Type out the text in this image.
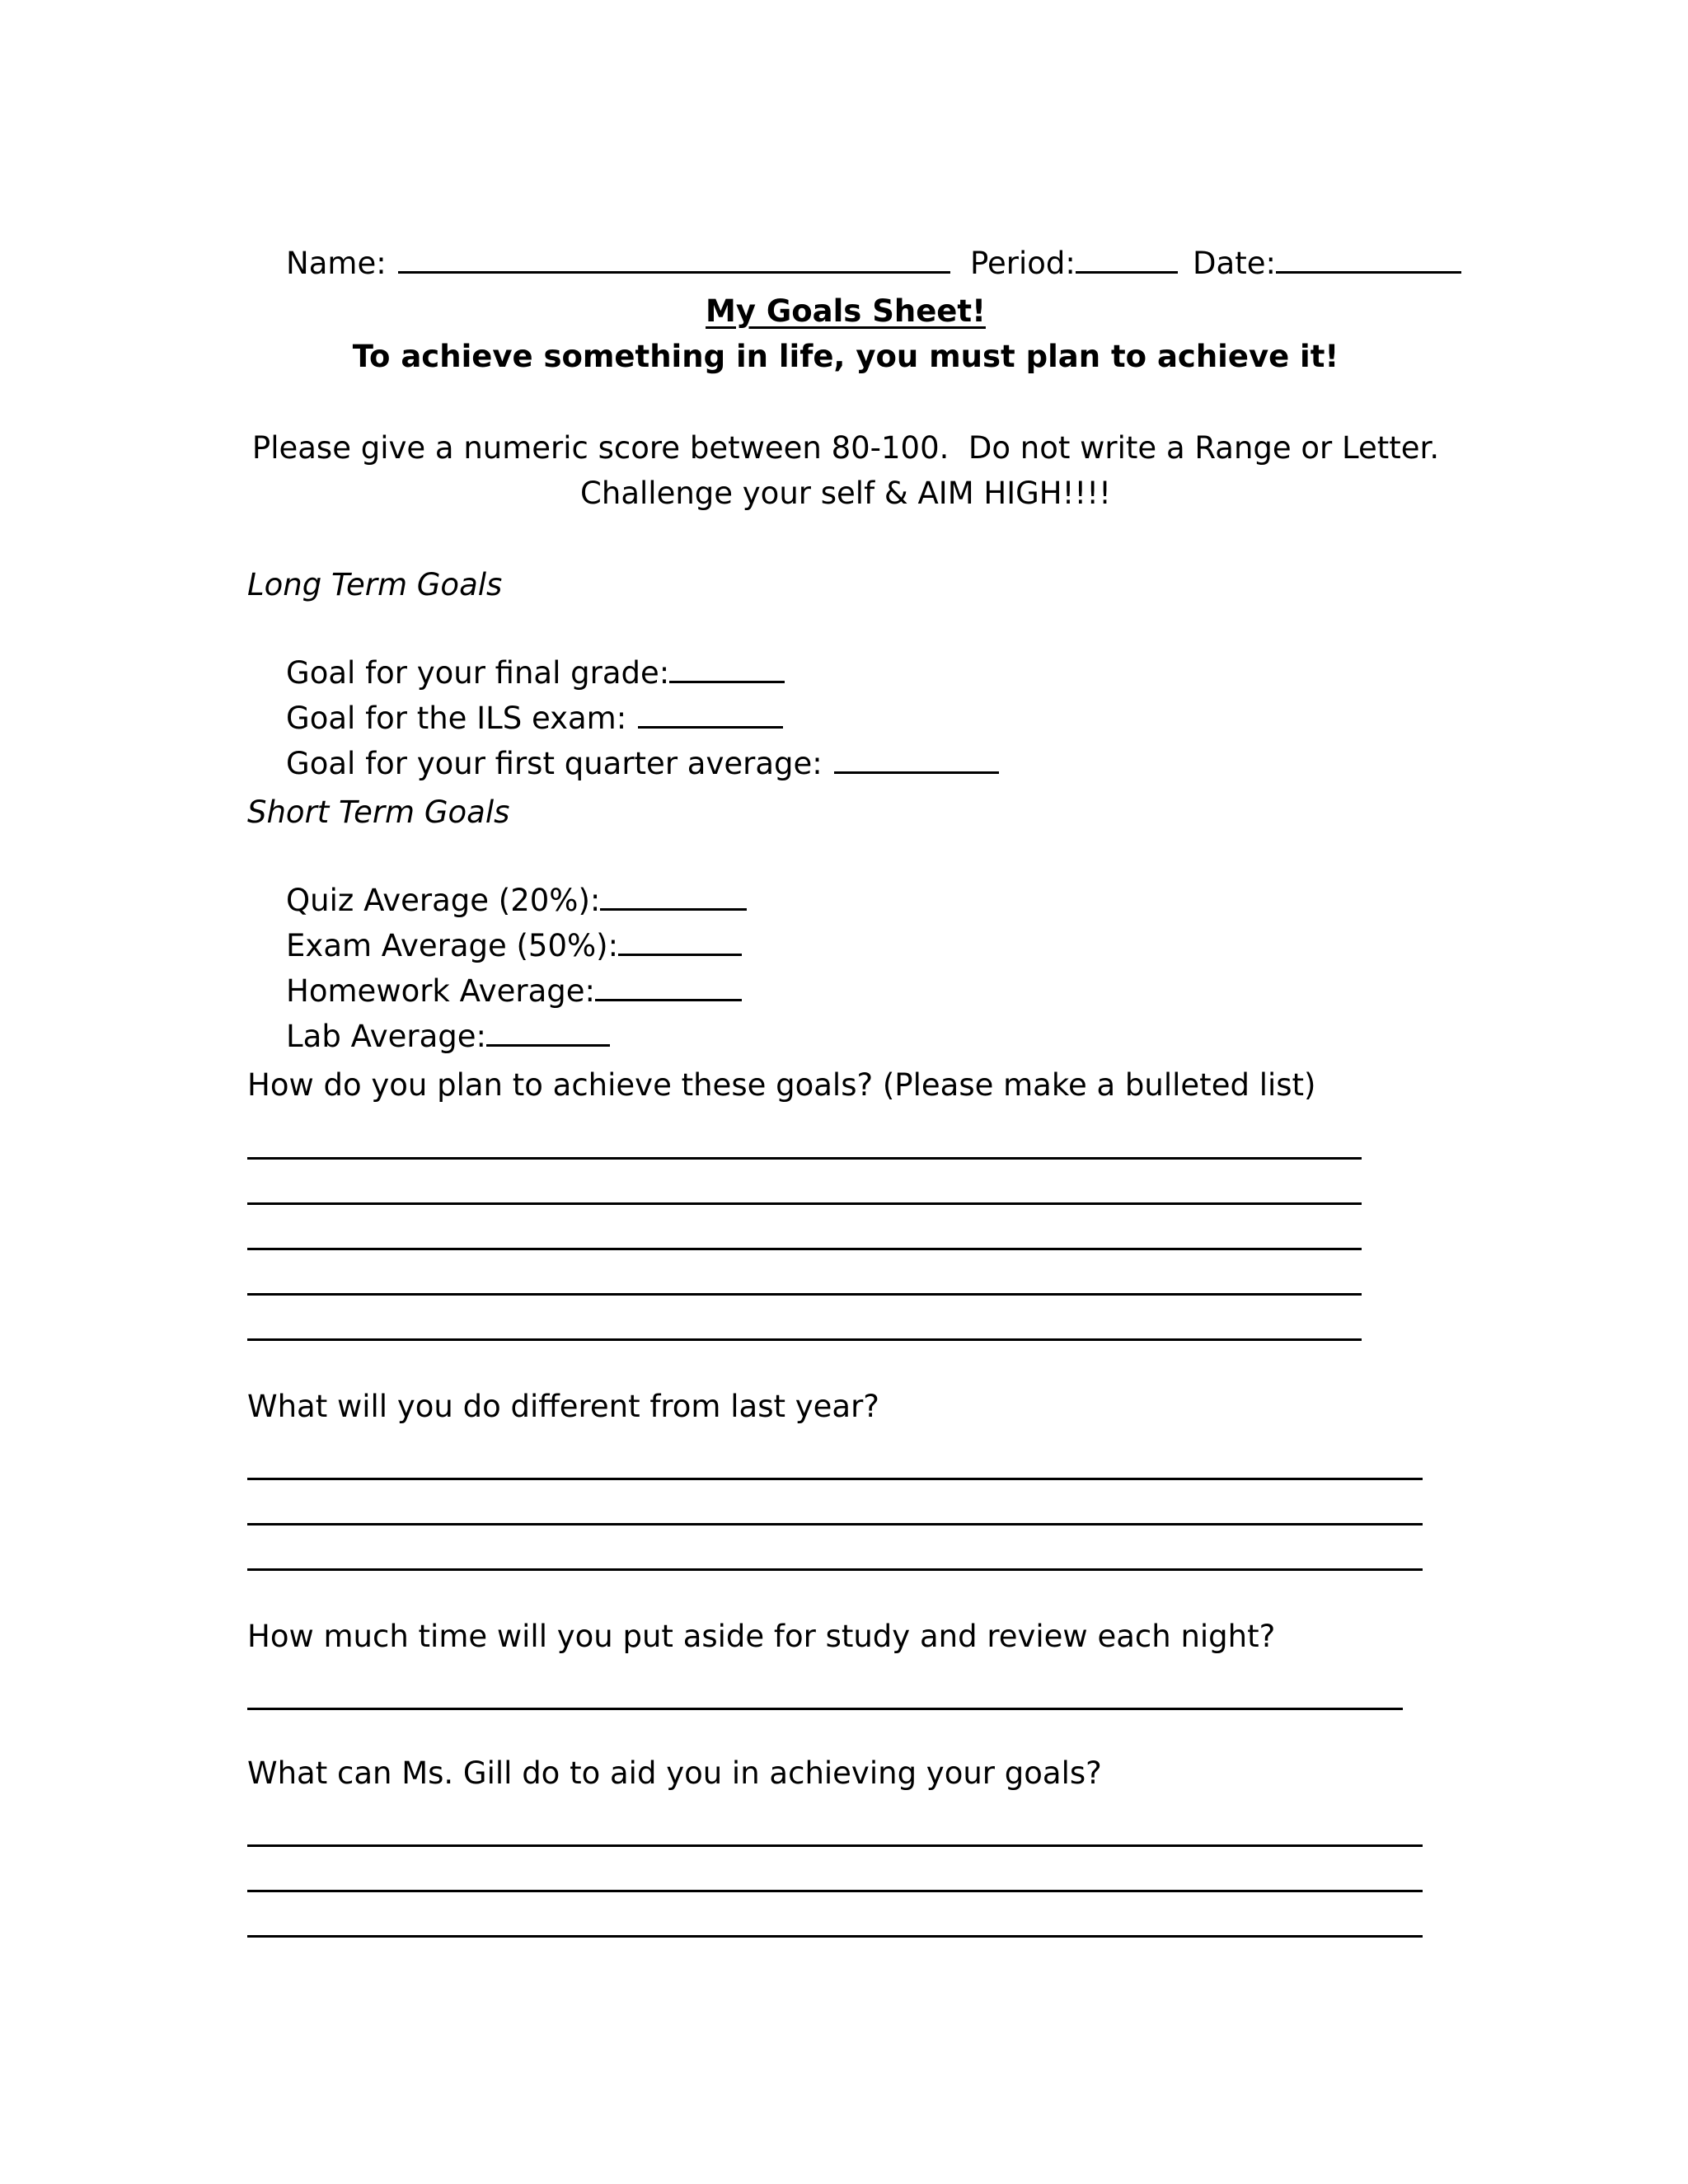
Name:
	Period:
	Date:

My Goals Sheet!
To achieve something in life, you must plan to achieve it!
Please give a numeric score between 80-100.  Do not write a Range or Letter.
Challenge your self & AIM HIGH!!!!
Long Term Goals

Goal for your final grade:

Goal for the ILS exam:

Goal for your first quarter average:

Short Term Goals

Quiz Average (20%):

Exam Average (50%):

Homework Average:

Lab Average:

How do you plan to achieve these goals? (Please make a bulleted list)
What will you do different from last year?
How much time will you put aside for study and review each night?
What can Ms. Gill do to aid you in achieving your goals?
